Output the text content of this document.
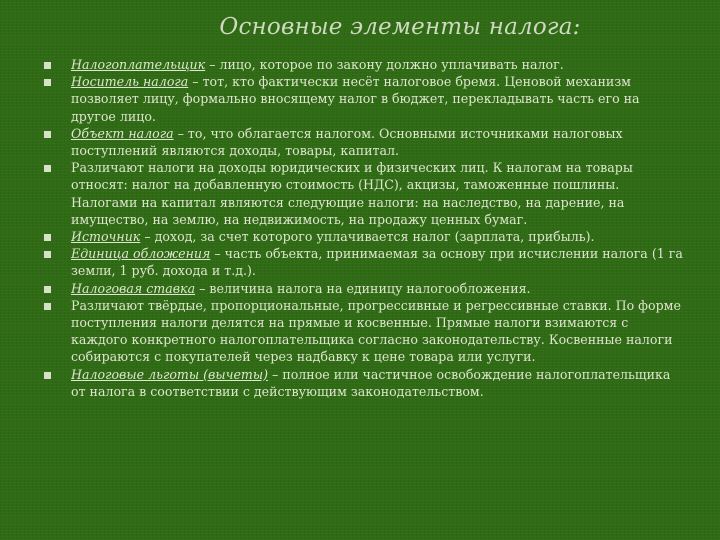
Основные элементы налога:
Налогоплательщик – лицо, которое по закону должно уплачивать налог.
Носитель налога – тот, кто фактически несёт налоговое бремя. Ценовой механизм позволяет лицу, формально вносящему налог в бюджет, перекладывать часть его на другое лицо.
Объект налога – то, что облагается налогом. Основными источниками налоговых поступлений являются доходы, товары, капитал.
Различают налоги на доходы юридических и физических лиц. К налогам на товары относят: налог на добавленную стоимость (НДС), акцизы, таможенные пошлины. Налогами на капитал являются следующие налоги: на наследство, на дарение, на имущество, на землю, на недвижимость, на продажу ценных бумаг.
Источник – доход, за счет которого уплачивается налог (зарплата, прибыль).
Единица обложения – часть объекта, принимаемая за основу при исчислении налога (1 га земли, 1 руб. дохода и т.д.).
Налоговая ставка – величина налога на единицу налогообложения.
Различают твёрдые, пропорциональные, прогрессивные и регрессивные ставки. По форме поступления налоги делятся на прямые и косвенные. Прямые налоги взимаются с каждого конкретного налогоплательщика согласно законодательству. Косвенные налоги собираются с покупателей через надбавку к цене товара или услуги.
Налоговые льготы (вычеты) – полное или частичное освобождение налогоплательщика от налога в соответствии с действующим законодательством.
